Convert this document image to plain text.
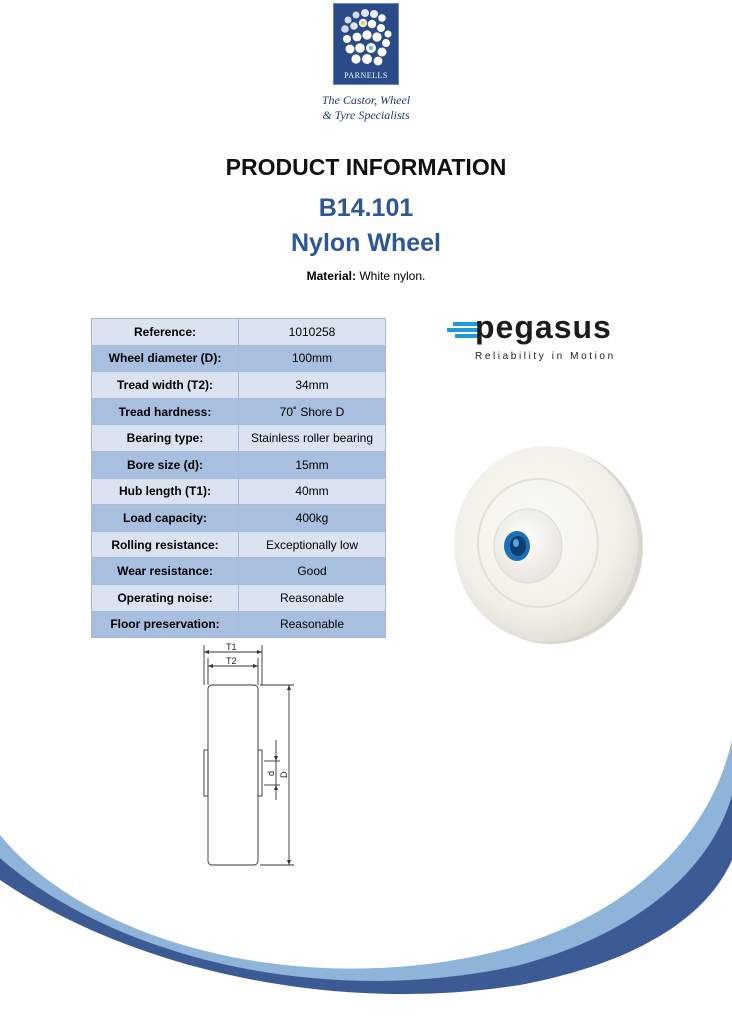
PARNELLS
The Castor, Wheel
& Tyre Specialists
PRODUCT INFORMATION
B14.101
Nylon Wheel
Material: White nylon.
Reference:	1010258
Wheel diameter (D):	100mm
Tread width (T2):	34mm
Tread hardness:	70˚ Shore D
Bearing type:	Stainless roller bearing
Bore size (d):	15mm
Hub length (T1):	40mm
Load capacity:	400kg
Rolling resistance:	Exceptionally low
Wear resistance:	Good
Operating noise:	Reasonable
Floor preservation:	Reasonable
pegasus
Reliability in Motion
T1
T2
d D
